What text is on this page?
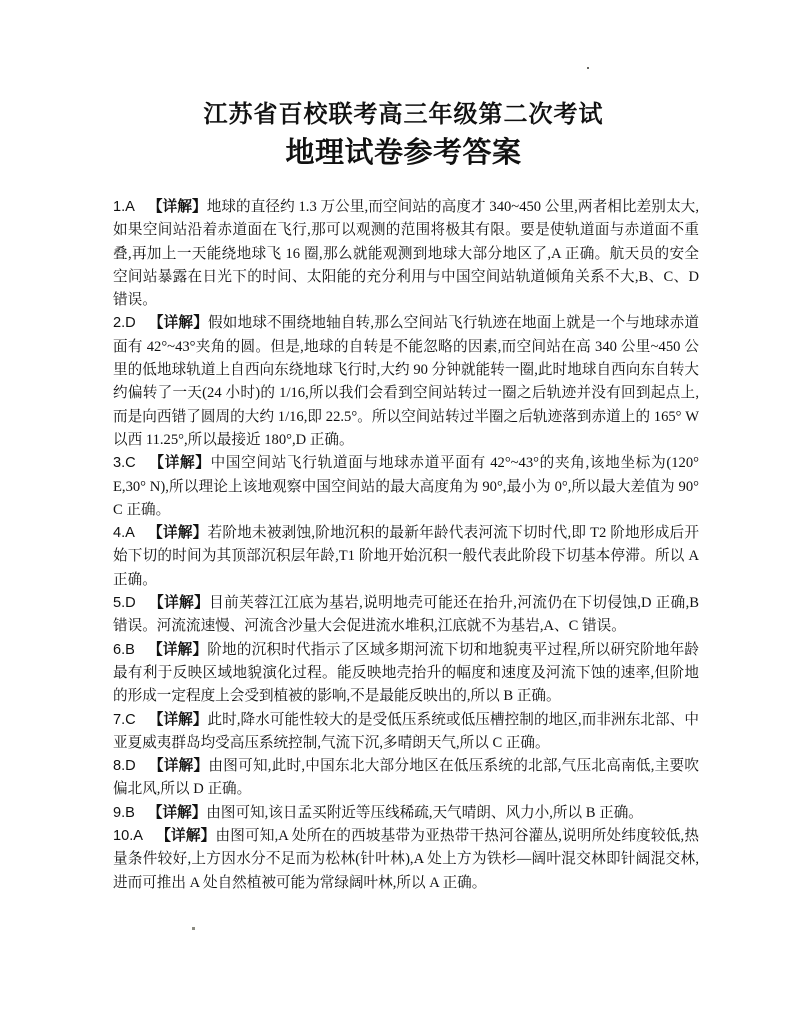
江苏省百校联考高三年级第二次考试
地理试卷参考答案

1.A 【详解】地球的直径约 1.3 万公里,而空间站的高度才 340~450 公里,两者相比差别太大,如果空间站沿着赤道面在飞行,那可以观测的范围将极其有限。要是使轨道面与赤道面不重叠,再加上一天能绕地球飞 16 圈,那么就能观测到地球大部分地区了,A 正确。航天员的安全空间站暴露在日光下的时间、太阳能的充分利用与中国空间站轨道倾角关系不大,B、C、D 错误。

2.D 【详解】假如地球不围绕地轴自转,那么空间站飞行轨迹在地面上就是一个与地球赤道面有 42°~43°夹角的圆。但是,地球的自转是不能忽略的因素,而空间站在高 340 公里~450 公里的低地球轨道上自西向东绕地球飞行时,大约 90 分钟就能转一圈,此时地球自西向东自转大约偏转了一天(24 小时)的 1/16,所以我们会看到空间站转过一圈之后轨迹并没有回到起点上,而是向西错了圆周的大约 1/16,即 22.5°。所以空间站转过半圈之后轨迹落到赤道上的 165° W 以西 11.25°,所以最接近 180°,D 正确。

3.C 【详解】中国空间站飞行轨道面与地球赤道平面有 42°~43°的夹角,该地坐标为(120° E,30° N),所以理论上该地观察中国空间站的最大高度角为 90°,最小为 0°,所以最大差值为 90° C 正确。

4.A 【详解】若阶地未被剥蚀,阶地沉积的最新年龄代表河流下切时代,即 T2 阶地形成后开始下切的时间为其顶部沉积层年龄,T1 阶地开始沉积一般代表此阶段下切基本停滞。所以 A 正确。

5.D 【详解】目前芙蓉江江底为基岩,说明地壳可能还在抬升,河流仍在下切侵蚀,D 正确,B 错误。河流流速慢、河流含沙量大会促进流水堆积,江底就不为基岩,A、C 错误。

6.B 【详解】阶地的沉积时代指示了区域多期河流下切和地貌夷平过程,所以研究阶地年龄最有利于反映区域地貌演化过程。能反映地壳抬升的幅度和速度及河流下蚀的速率,但阶地的形成一定程度上会受到植被的影响,不是最能反映出的,所以 B 正确。

7.C 【详解】此时,降水可能性较大的是受低压系统或低压槽控制的地区,而非洲东北部、中亚夏威夷群岛均受高压系统控制,气流下沉,多晴朗天气,所以 C 正确。

8.D 【详解】由图可知,此时,中国东北大部分地区在低压系统的北部,气压北高南低,主要吹偏北风,所以 D 正确。

9.B 【详解】由图可知,该日孟买附近等压线稀疏,天气晴朗、风力小,所以 B 正确。

10.A 【详解】由图可知,A 处所在的西坡基带为亚热带干热河谷灌丛,说明所处纬度较低,热量条件较好,上方因水分不足而为松林(针叶林),A 处上方为铁杉—阔叶混交林即针阔混交林,进而可推出 A 处自然植被可能为常绿阔叶林,所以 A 正确。
